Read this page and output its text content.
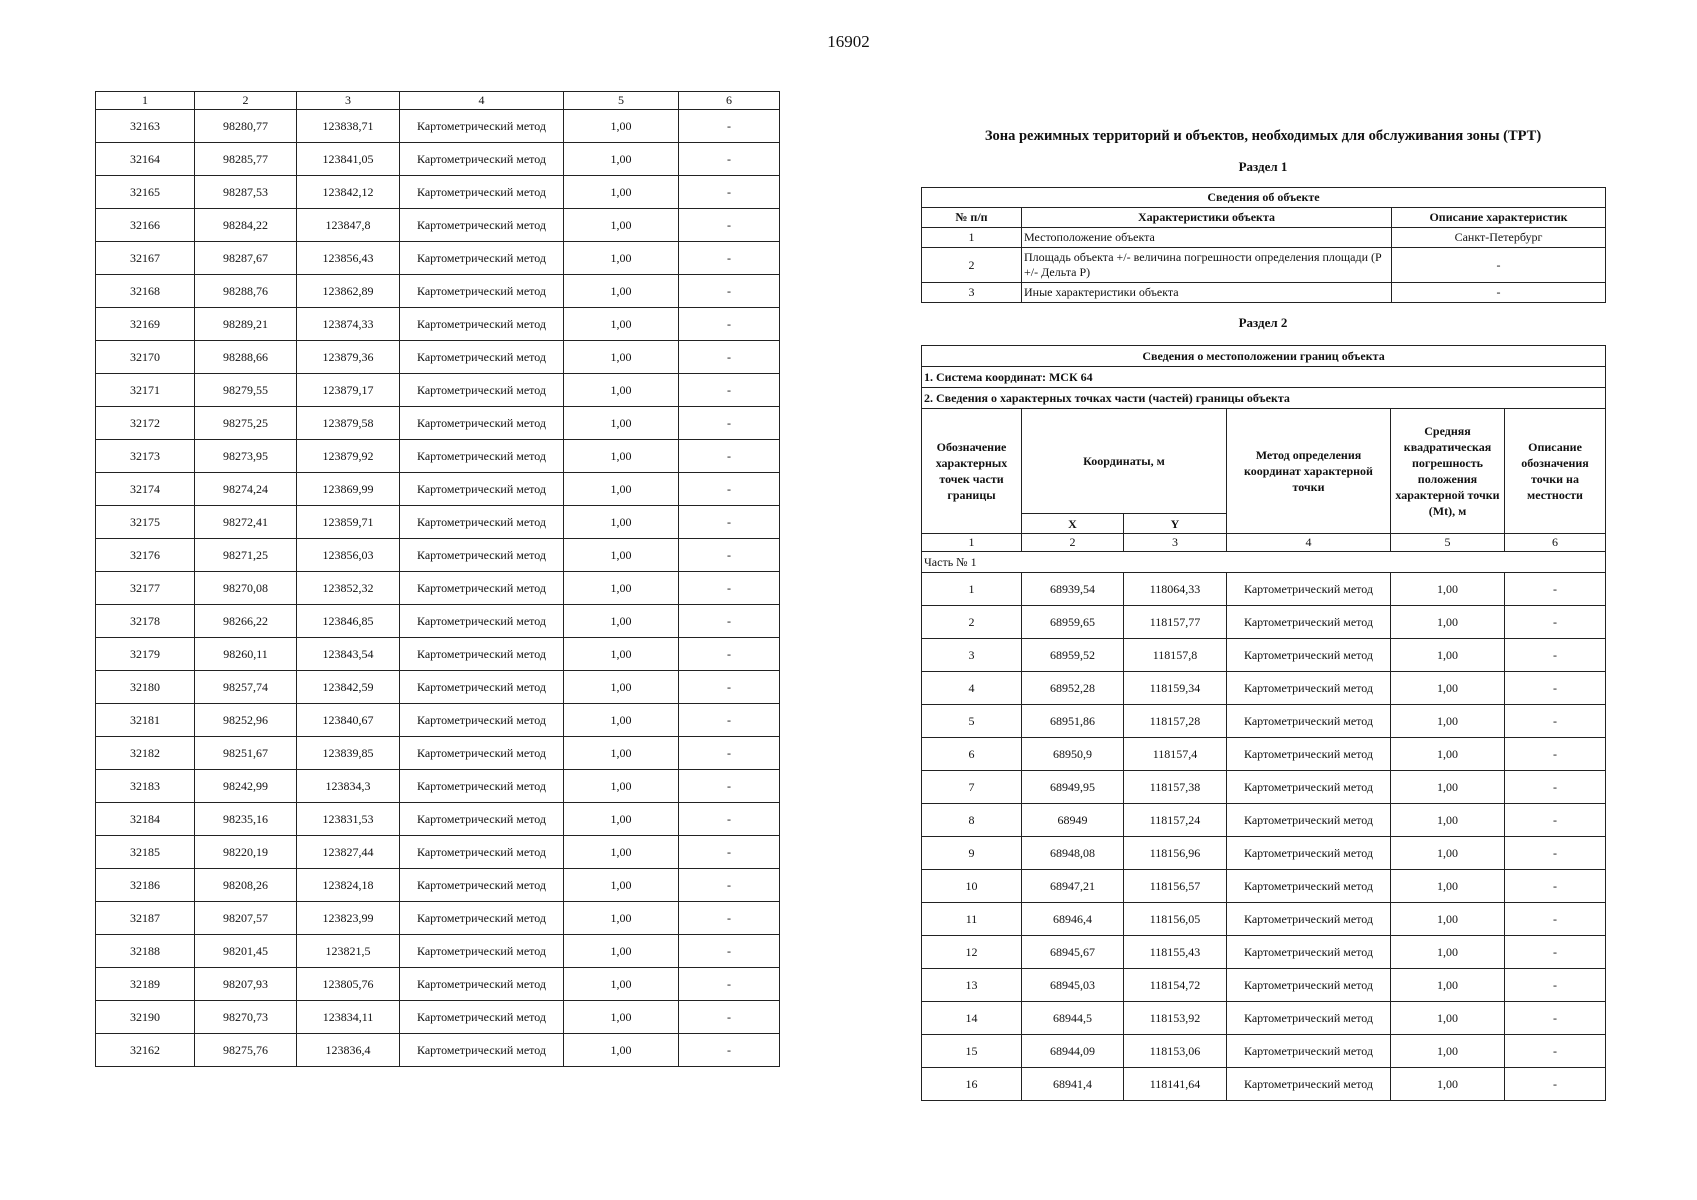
16902
1	2	3	4	5	6
32163	98280,77	123838,71	Картометрический метод	1,00	-
32164	98285,77	123841,05	Картометрический метод	1,00	-
32165	98287,53	123842,12	Картометрический метод	1,00	-
32166	98284,22	123847,8	Картометрический метод	1,00	-
32167	98287,67	123856,43	Картометрический метод	1,00	-
32168	98288,76	123862,89	Картометрический метод	1,00	-
32169	98289,21	123874,33	Картометрический метод	1,00	-
32170	98288,66	123879,36	Картометрический метод	1,00	-
32171	98279,55	123879,17	Картометрический метод	1,00	-
32172	98275,25	123879,58	Картометрический метод	1,00	-
32173	98273,95	123879,92	Картометрический метод	1,00	-
32174	98274,24	123869,99	Картометрический метод	1,00	-
32175	98272,41	123859,71	Картометрический метод	1,00	-
32176	98271,25	123856,03	Картометрический метод	1,00	-
32177	98270,08	123852,32	Картометрический метод	1,00	-
32178	98266,22	123846,85	Картометрический метод	1,00	-
32179	98260,11	123843,54	Картометрический метод	1,00	-
32180	98257,74	123842,59	Картометрический метод	1,00	-
32181	98252,96	123840,67	Картометрический метод	1,00	-
32182	98251,67	123839,85	Картометрический метод	1,00	-
32183	98242,99	123834,3	Картометрический метод	1,00	-
32184	98235,16	123831,53	Картометрический метод	1,00	-
32185	98220,19	123827,44	Картометрический метод	1,00	-
32186	98208,26	123824,18	Картометрический метод	1,00	-
32187	98207,57	123823,99	Картометрический метод	1,00	-
32188	98201,45	123821,5	Картометрический метод	1,00	-
32189	98207,93	123805,76	Картометрический метод	1,00	-
32190	98270,73	123834,11	Картометрический метод	1,00	-
32162	98275,76	123836,4	Картометрический метод	1,00	-
Зона режимных территорий и объектов, необходимых для обслуживания зоны (ТРТ)
Раздел 1
Сведения об объекте		
№ п/п	Характеристики объекта	Описание характеристик
1	Местоположение объекта	Санкт-Петербург
2	Площадь объекта +/- величина погрешности определения площади (P +/- Дельта P)	-
3	Иные характеристики объекта	-
Раздел 2
Сведения о местоположении границ объекта					
1. Система координат: МСК 64					
2. Сведения о характерных точках части (частей) границы объекта					
Обозначение характерных точек части границы	Координаты, м		Метод определения координат характерной точки	Средняя квадратическая погрешность положения характерной точки (Mt), м	Описание обозначения точки на местности
	X	Y			
1	2	3	4	5	6
Часть № 1					
1	68939,54	118064,33	Картометрический метод	1,00	-
2	68959,65	118157,77	Картометрический метод	1,00	-
3	68959,52	118157,8	Картометрический метод	1,00	-
4	68952,28	118159,34	Картометрический метод	1,00	-
5	68951,86	118157,28	Картометрический метод	1,00	-
6	68950,9	118157,4	Картометрический метод	1,00	-
7	68949,95	118157,38	Картометрический метод	1,00	-
8	68949	118157,24	Картометрический метод	1,00	-
9	68948,08	118156,96	Картометрический метод	1,00	-
10	68947,21	118156,57	Картометрический метод	1,00	-
11	68946,4	118156,05	Картометрический метод	1,00	-
12	68945,67	118155,43	Картометрический метод	1,00	-
13	68945,03	118154,72	Картометрический метод	1,00	-
14	68944,5	118153,92	Картометрический метод	1,00	-
15	68944,09	118153,06	Картометрический метод	1,00	-
16	68941,4	118141,64	Картометрический метод	1,00	-
